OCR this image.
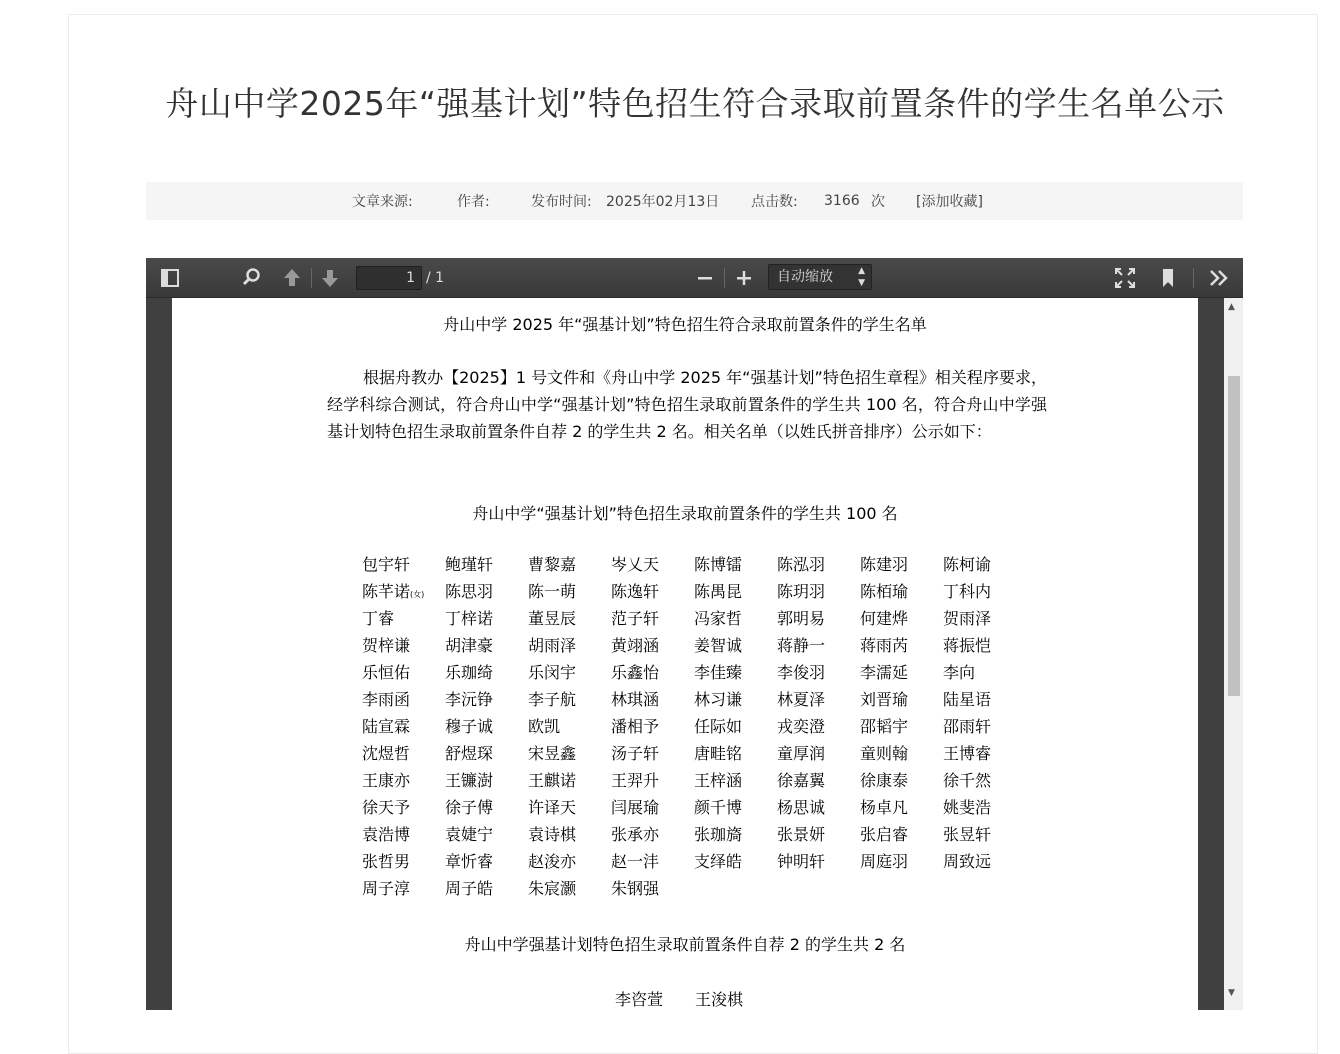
舟山中学2025年“强基计划”特色招生符合录取前置条件的学生名单公示
文章来源:	作者:	发布时间: 2025年02月13日 点击数: 3166 次 [添加收藏]
1 / 1	自动缩放	▲
▼
舟山中学 2025 年“强基计划”特色招生符合录取前置条件的学生名单
根据舟教办【2025】1 号文件和《舟山中学 2025 年“强基计划”特色招生章程》相关程序要求，经学科综合测试，符合舟山中学“强基计划”特色招生录取前置条件的学生共 100 名，符合舟山中学强基计划特色招生录取前置条件自荐 2 的学生共 2 名。相关名单（以姓氏拼音排序）公示如下：
舟山中学“强基计划”特色招生录取前置条件的学生共 100 名
包宇轩 鲍瑾轩 曹黎嘉 岑乂天 陈博镭 陈泓羽 陈建羽 陈柯谕
陈芊诺(女) 陈思羽 陈一萌 陈逸轩 陈禺昆 陈玥羽 陈栢瑜 丁科内
丁睿	丁梓诺 董昱辰 范子轩 冯家哲 郭明易 何建烨 贺雨泽
贺梓谦 胡津豪 胡雨泽 黄翊涵 姜智诚 蒋静一 蒋雨芮 蒋振恺
乐恒佑 乐珈绮 乐闵宇 乐鑫怡 李佳臻 李俊羽 李濡延 李向
李雨函 李沅铮 李子航 林琪涵 林习谦 林夏泽 刘晋瑜 陆星语
陆宣霖 穆子诚 欧凯	潘相予 任际如 戎奕澄 邵韬宇 邵雨轩
沈煜哲 舒煜琛 宋昱鑫 汤子轩 唐畦铭 童厚润 童则翰 王博睿
王康亦 王镰澍 王麒诺 王羿升 王梓涵 徐嘉翼 徐康泰 徐千然
徐天予 徐子傅 许译天 闫展瑜 颜千博 杨思诚 杨卓凡 姚斐浩
袁浩博 袁婕宁 袁诗棋 张承亦 张珈旖 张景妍 张启睿 张昱轩
张哲男 章忻睿 赵浚亦 赵一沣 支绎皓 钟明轩 周庭羽 周致远
周子淳 周子皓 朱宸灏 朱钢强
舟山中学强基计划特色招生录取前置条件自荐 2 的学生共 2 名
李咨萱 王浚棋
▲
▼
